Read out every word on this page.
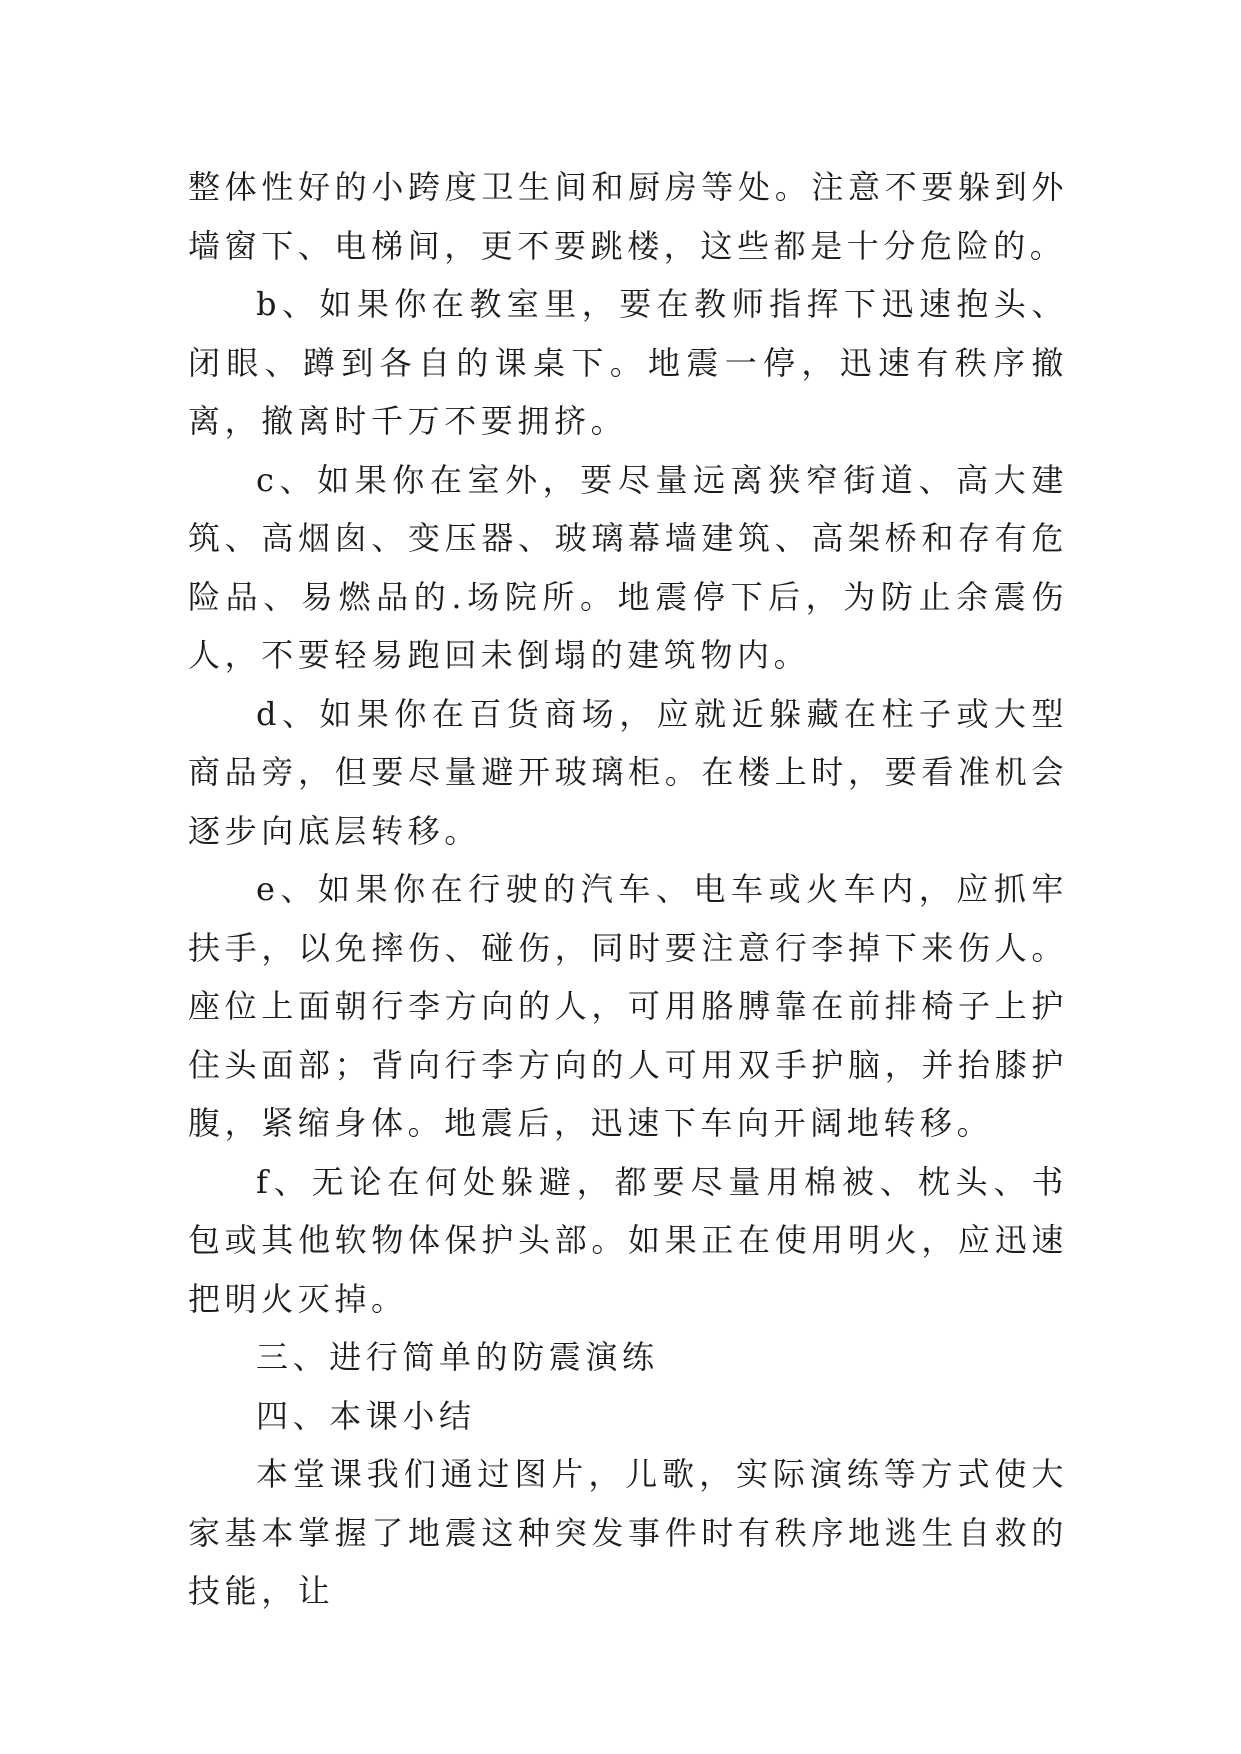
整体性好的小跨度卫生间和厨房等处。注意不要躲到外墙窗下、电梯间，更不要跳楼，这些都是十分危险的。

b、如果你在教室里，要在教师指挥下迅速抱头、闭眼、蹲到各自的课桌下。地震一停，迅速有秩序撤离，撤离时千万不要拥挤。

c、如果你在室外，要尽量远离狭窄街道、高大建筑、高烟囱、变压器、玻璃幕墙建筑、高架桥和存有危险品、易燃品的.场院所。地震停下后，为防止余震伤人，不要轻易跑回未倒塌的建筑物内。

d、如果你在百货商场，应就近躲藏在柱子或大型商品旁，但要尽量避开玻璃柜。在楼上时，要看准机会逐步向底层转移。

e、如果你在行驶的汽车、电车或火车内，应抓牢扶手，以免摔伤、碰伤，同时要注意行李掉下来伤人。座位上面朝行李方向的人，可用胳膊靠在前排椅子上护住头面部；背向行李方向的人可用双手护脑，并抬膝护腹，紧缩身体。地震后，迅速下车向开阔地转移。

f、无论在何处躲避，都要尽量用棉被、枕头、书包或其他软物体保护头部。如果正在使用明火，应迅速把明火灭掉。

三、进行简单的防震演练

四、本课小结

本堂课我们通过图片，儿歌，实际演练等方式使大家基本掌握了地震这种突发事件时有秩序地逃生自救的技能，让
